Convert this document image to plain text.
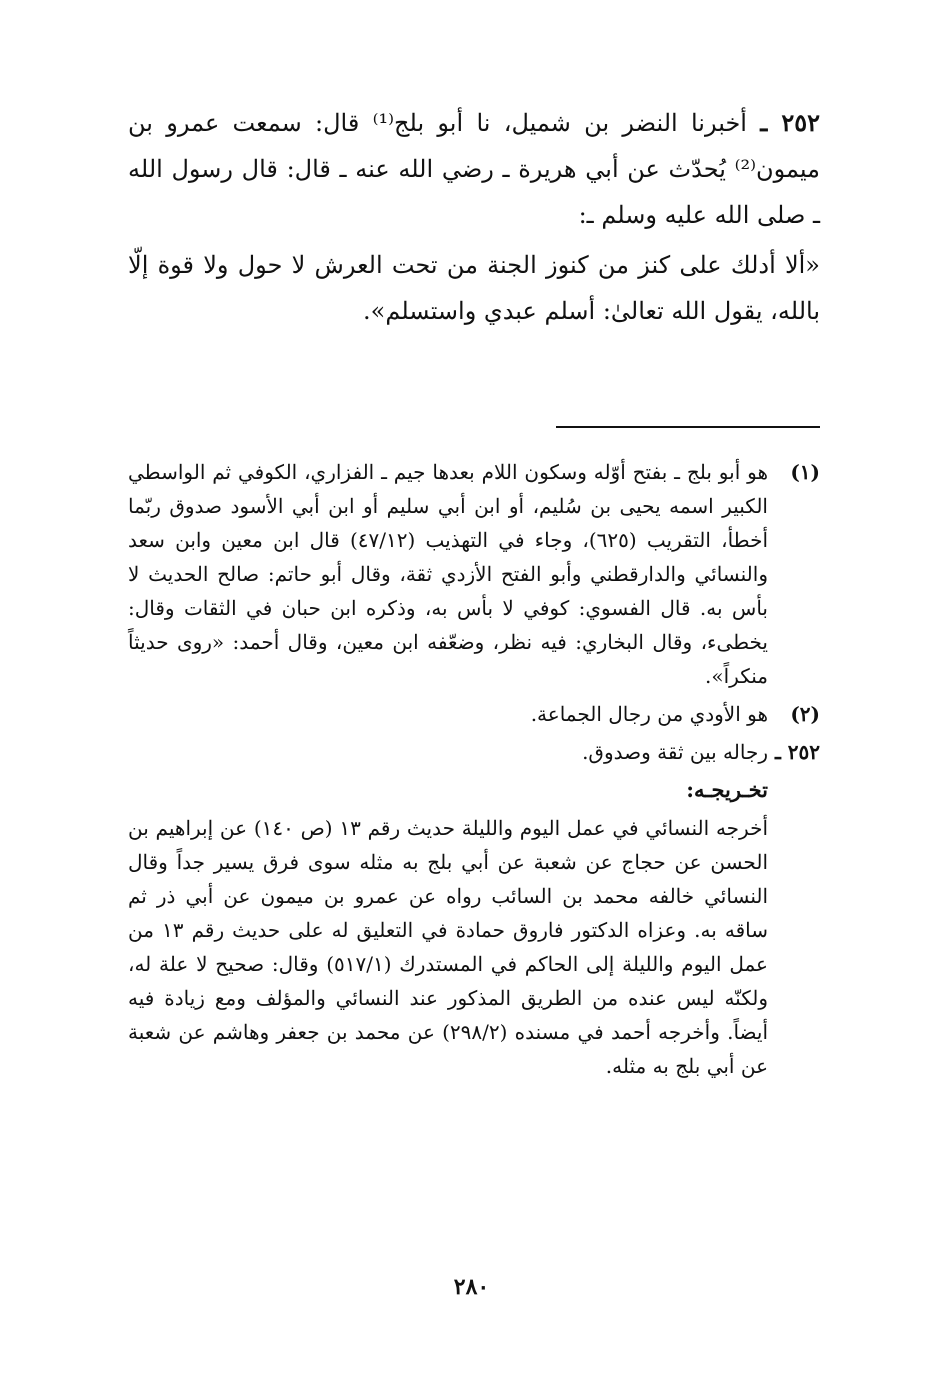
٢٥٢ ـ أخبرنا النضر بن شميل، نا أبو بلج⁽¹⁾ قال: سمعت عمرو بن ميمون⁽²⁾ يُحدّث عن أبي هريرة ـ رضي الله عنه ـ قال: قال رسول الله ـ صلى الله عليه وسلم ـ:

«ألا أدلك على كنز من كنوز الجنة من تحت العرش لا حول ولا قوة إلّا بالله، يقول الله تعالىٰ: أسلم عبدي واستسلم».

(١)
هو أبو بلج ـ بفتح أوّله وسكون اللام بعدها جيم ـ الفزاري، الكوفي ثم الواسطي الكبير اسمه يحيى بن سُليم، أو ابن أبي سليم أو ابن أبي الأسود صدوق ربّما أخطأ، التقريب (٦٢٥)، وجاء في التهذيب (٤٧/١٢) قال ابن معين وابن سعد والنسائي والدارقطني وأبو الفتح الأزدي ثقة، وقال أبو حاتم: صالح الحديث لا بأس به. قال الفسوي: كوفي لا بأس به، وذكره ابن حبان في الثقات وقال: يخطىء، وقال البخاري: فيه نظر، وضعّفه ابن معين، وقال أحمد: «روى حديثاً منكراً».
(٢)
هو الأودي من رجال الجماعة.
٢٥٢ ـ
رجاله بين ثقة وصدوق.
تخـريجـه:
أخرجه النسائي في عمل اليوم والليلة حديث رقم ١٣ (ص ١٤٠) عن إبراهيم بن الحسن عن حجاج عن شعبة عن أبي بلج به مثله سوى فرق يسير جداً وقال النسائي خالفه محمد بن السائب رواه عن عمرو بن ميمون عن أبي ذر ثم ساقه به. وعزاه الدكتور فاروق حمادة في التعليق له على حديث رقم ١٣ من عمل اليوم والليلة إلى الحاكم في المستدرك (٥١٧/١) وقال: صحيح لا علة له، ولكنّه ليس عنده من الطريق المذكور عند النسائي والمؤلف ومع زيادة فيه أيضاً. وأخرجه أحمد في مسنده (٢٩٨/٢) عن محمد بن جعفر وهاشم عن شعبة عن أبي بلج به مثله.
٢٨٠
